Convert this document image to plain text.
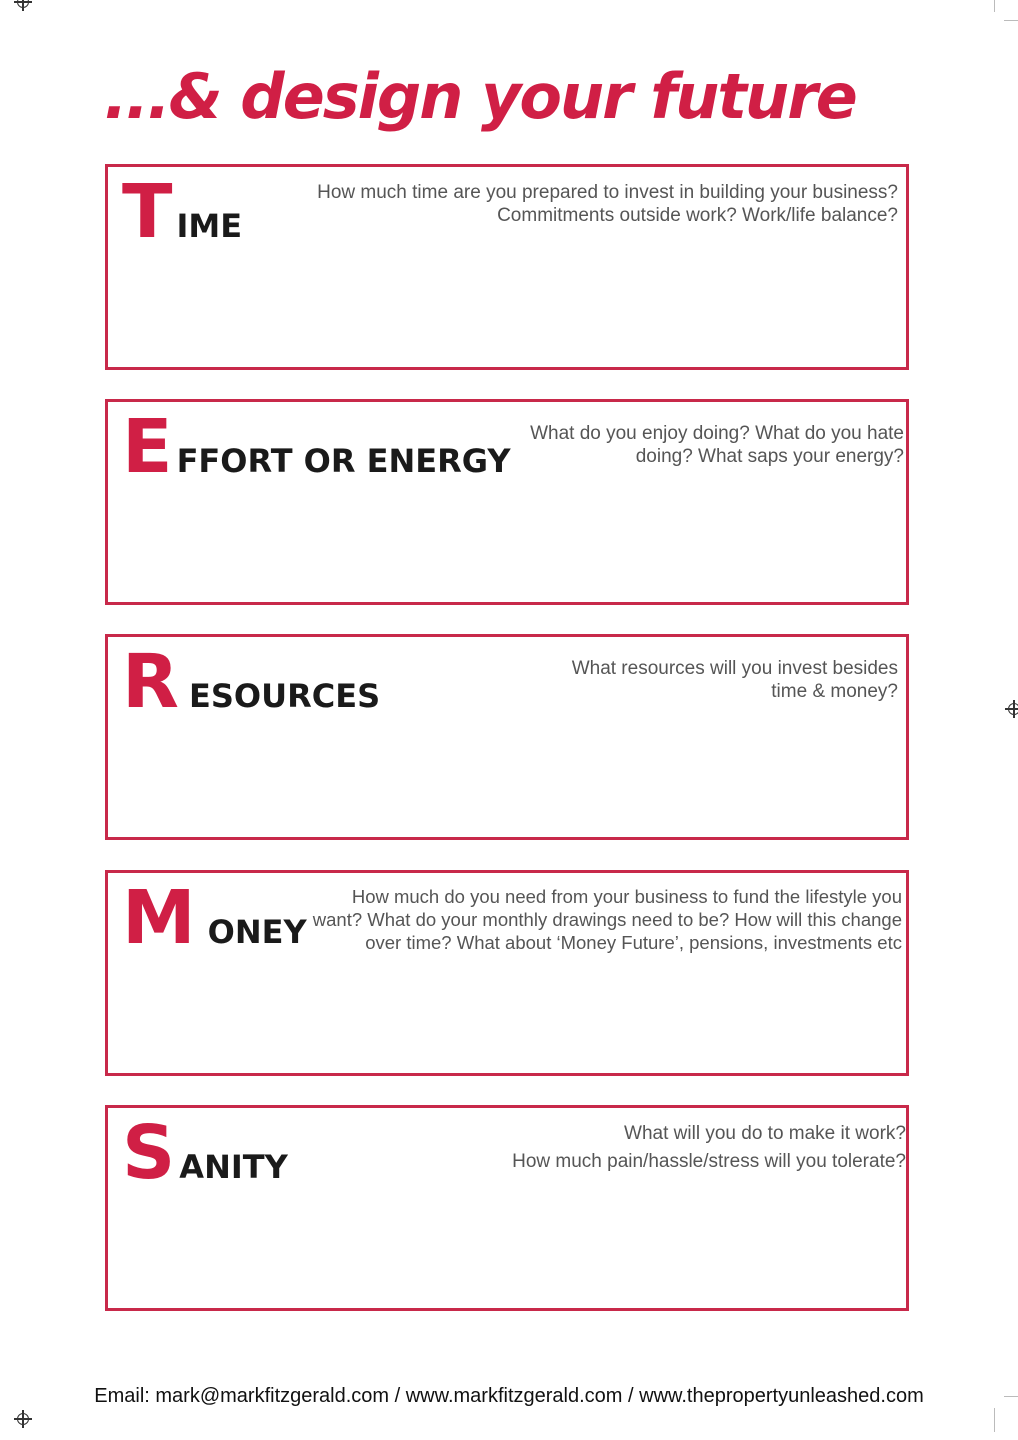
...& design your future
T IME

How much time are you prepared to invest in building your business?
Commitments outside work? Work/life balance?

E FFORT OR ENERGY

What do you enjoy doing? What do you hate
doing? What saps your energy?

R ESOURCES

What resources will you invest besides
time & money?

M ONEY

How much do you need from your business to fund the lifestyle you
want? What do your monthly drawings need to be? How will this change
over time? What about ‘Money Future’, pensions, investments etc

S ANITY

What will you do to make it work?
How much pain/hassle/stress will you tolerate?

Email: mark@markfitzgerald.com / www.markfitzgerald.com / www.thepropertyunleashed.com
